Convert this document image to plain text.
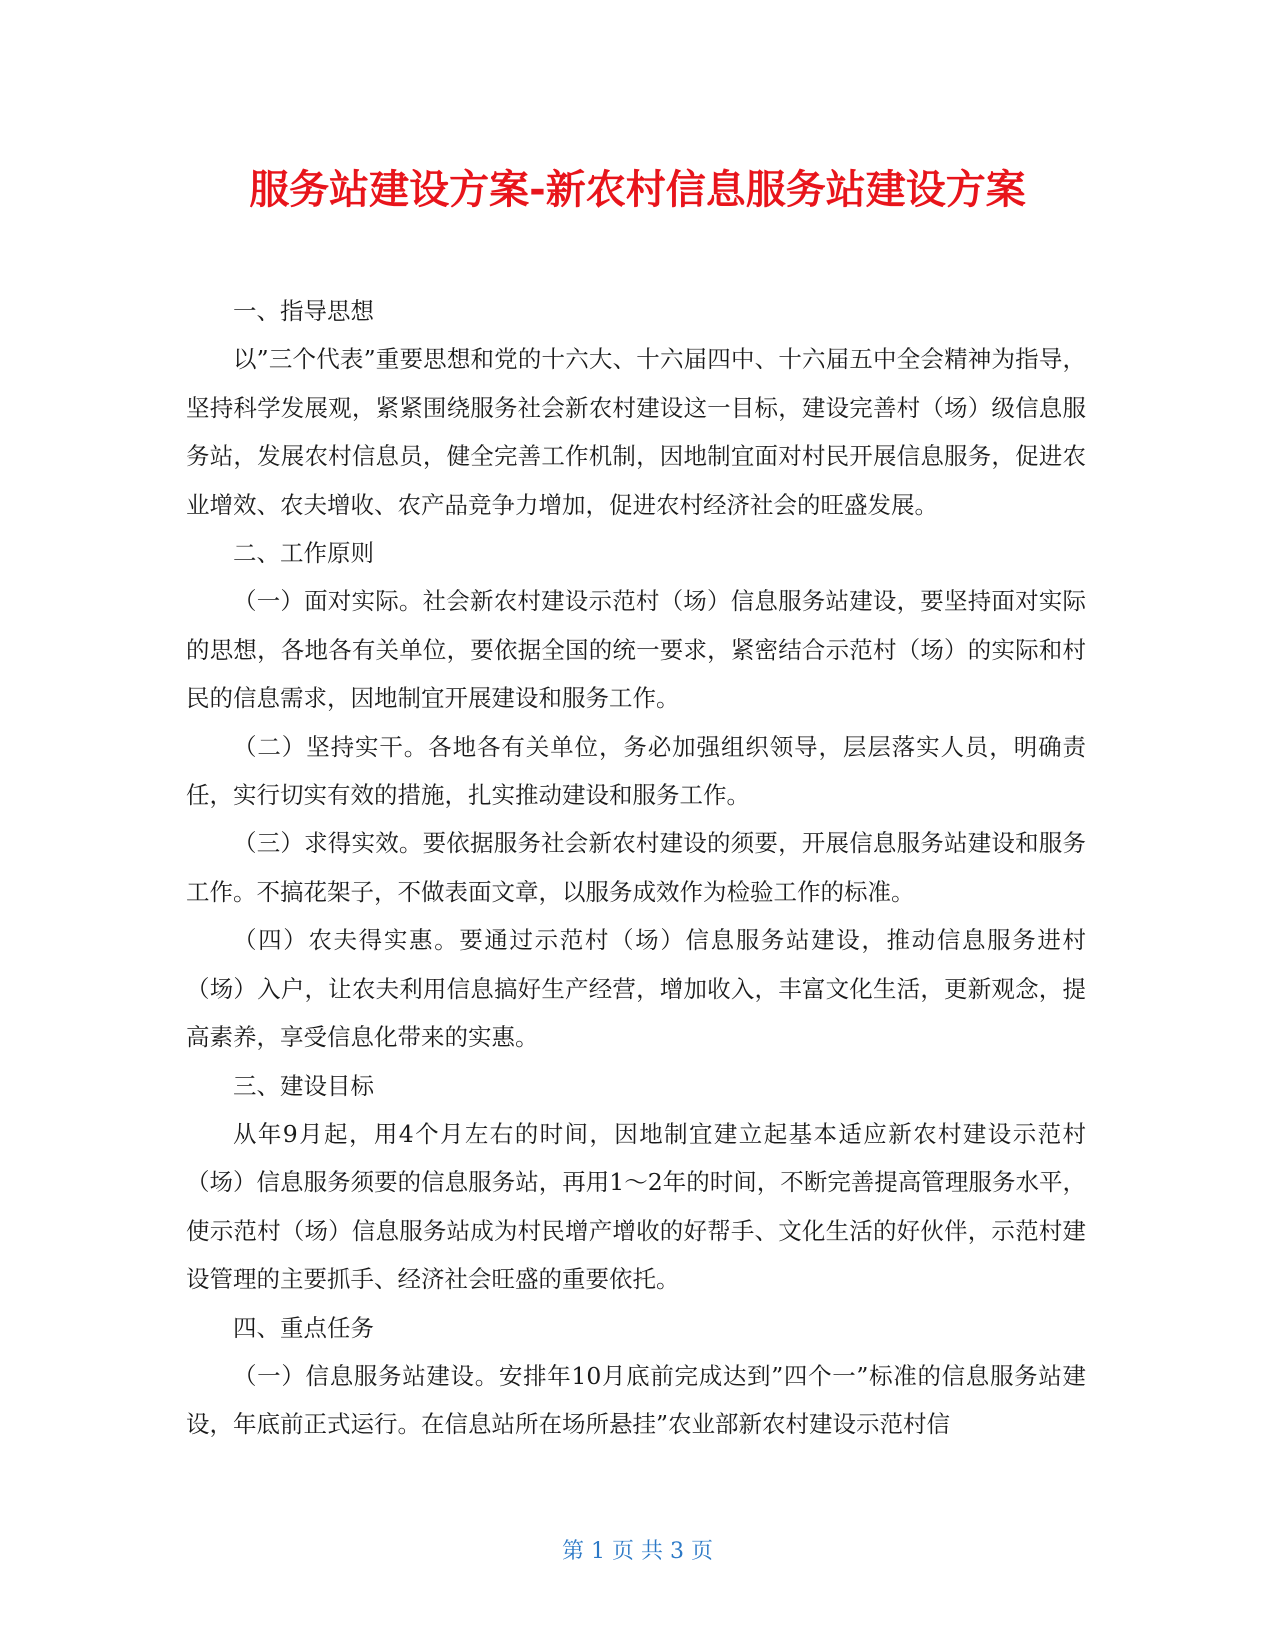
服务站建设方案-新农村信息服务站建设方案

一、指导思想

以”三个代表”重要思想和党的十六大、十六届四中、十六届五中全会精神为指导，坚持科学发展观，紧紧围绕服务社会新农村建设这一目标，建设完善村（场）级信息服务站，发展农村信息员，健全完善工作机制，因地制宜面对村民开展信息服务，促进农业增效、农夫增收、农产品竞争力增加，促进农村经济社会的旺盛发展。

二、工作原则

（一）面对实际。社会新农村建设示范村（场）信息服务站建设，要坚持面对实际的思想，各地各有关单位，要依据全国的统一要求，紧密结合示范村（场）的实际和村民的信息需求，因地制宜开展建设和服务工作。

（二）坚持实干。各地各有关单位，务必加强组织领导，层层落实人员，明确责任，实行切实有效的措施，扎实推动建设和服务工作。

（三）求得实效。要依据服务社会新农村建设的须要，开展信息服务站建设和服务工作。不搞花架子，不做表面文章，以服务成效作为检验工作的标准。

（四）农夫得实惠。要通过示范村（场）信息服务站建设，推动信息服务进村（场）入户，让农夫利用信息搞好生产经营，增加收入，丰富文化生活，更新观念，提高素养，享受信息化带来的实惠。

三、建设目标

从年9月起，用4个月左右的时间，因地制宜建立起基本适应新农村建设示范村（场）信息服务须要的信息服务站，再用1～2年的时间，不断完善提高管理服务水平，使示范村（场）信息服务站成为村民增产增收的好帮手、文化生活的好伙伴，示范村建设管理的主要抓手、经济社会旺盛的重要依托。

四、重点任务

（一）信息服务站建设。安排年10月底前完成达到”四个一”标准的信息服务站建设，年底前正式运行。在信息站所在场所悬挂”农业部新农村建设示范村信

第 1 页 共 3 页
